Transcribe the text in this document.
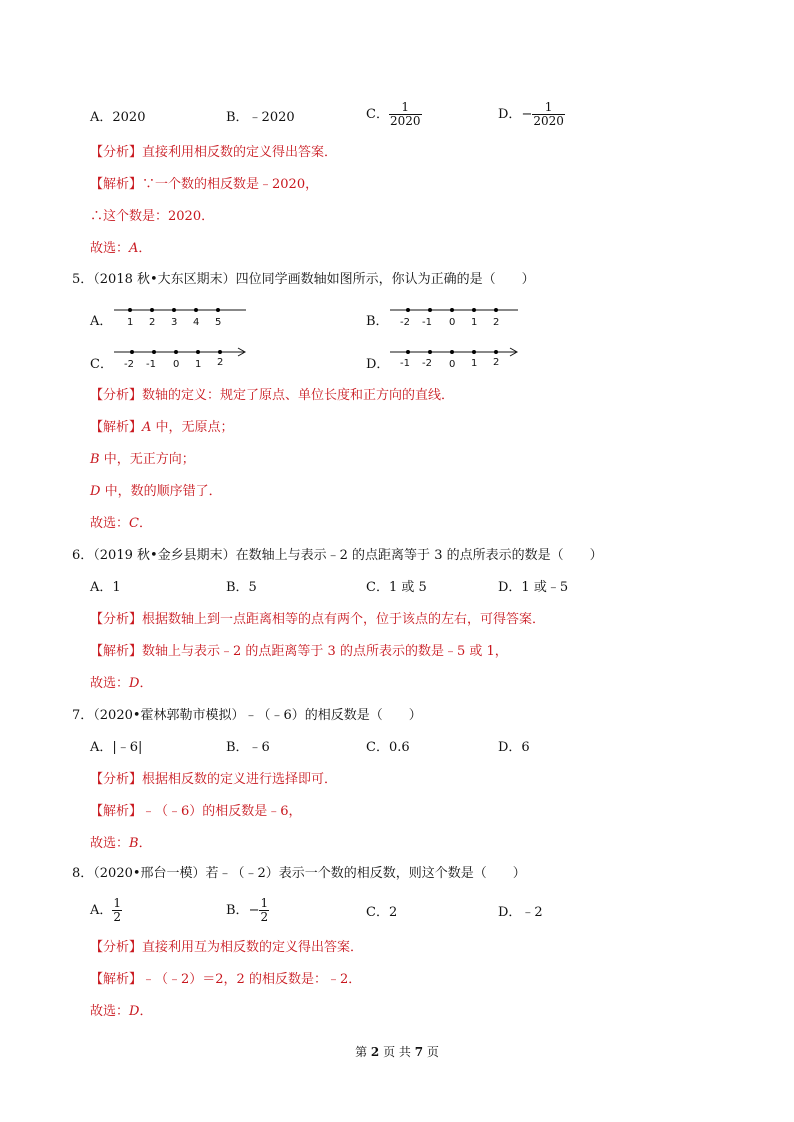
A．2020	B．﹣2020	C． $\frac{1}{2020}$	D．− $\frac{1}{2020}$
【分析】直接利用相反数的定义得出答案．
【解析】∵一个数的相反数是﹣2020，
∴这个数是：2020．
故选：A．
5．（2018 秋•大东区期末）四位同学画数轴如图所示，你认为正确的是（　　）
A． 1 2 3 4 5	B． -2 -1 0 1 2
C． -2 -1 0 1 2	D． -1 -2 0 1 2
【分析】数轴的定义：规定了原点、单位长度和正方向的直线．
【解析】A 中，无原点；
B 中，无正方向；
D 中，数的顺序错了．
故选：C．
6．（2019 秋•金乡县期末）在数轴上与表示﹣2 的点距离等于 3 的点所表示的数是（　　）
A．1	B．5	C．1 或 5	D．1 或﹣5
【分析】根据数轴上到一点距离相等的点有两个，位于该点的左右，可得答案．
【解析】数轴上与表示﹣2 的点距离等于 3 的点所表示的数是﹣5 或 1，
故选：D．
7．（2020•霍林郭勒市模拟）﹣（﹣6）的相反数是（　　）
A．|﹣6|	B．﹣6	C．0.6	D．6
【分析】根据相反数的定义进行选择即可．
【解析】﹣（﹣6）的相反数是﹣6，
故选：B．
8．（2020•邢台一模）若﹣（﹣2）表示一个数的相反数，则这个数是（　　）
A． $\frac{1}{2}$	B．− $\frac{1}{2}$	C．2	D．﹣2
【分析】直接利用互为相反数的定义得出答案．
【解析】﹣（﹣2）＝2，2 的相反数是：﹣2．
故选：D．
第 2 页 共 7 页
